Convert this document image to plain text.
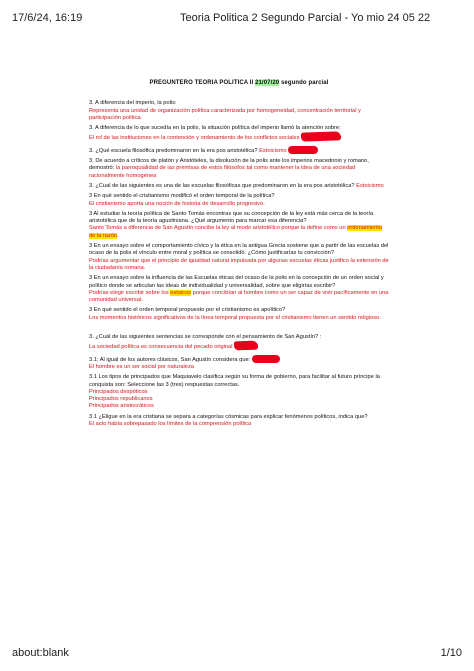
17/6/24, 16:19	Teoria Politica 2 Segundo Parcial - Yo mio 24 05 22
PREGUNTERO TEORIA POLITICA II 21/07/20 segundo parcial

3. A diferencia del imperio, la polis:

Representa una unidad de organización política caracterizada por homogeneidad, concentración territorial y participación política.

3. A diferencia de lo que sucedía en la polis, la situación política del imperio llamó la atención sobre:

El rol de las instituciones en la contención y ordenamiento de los conflictos sociales

3. ¿Qué escuela filosófica predominaron en la era pos aristotélica? Estoicismo

3. De acuerdo a críticos de platón y Aristóteles, la disolución de la polis ante los imperios macedonio y romano, demostró: la parroquialidad de las premisas de estos filósofos tal como mantener la idea de una sociedad racionalmente homogénea

3. ¿Cual de las siguientes es una de las escuelas filosóficas que predominaron en la era pos aristotélica? Estoicismo

3 En qué sentido el cristianismo modificó el orden temporal de la política?

El cristianismo aporta una noción de historia de desarrollo progresivo.

3 Al estudiar la teoría política de Santo Tomás encontras que su concepción de la ley está más cerca de la teoría aristotélica que de la teoría agustiniana. ¿Qué argumento para marcar esa diferencia?

Santo Tomás a diferencia de San Agustín concibe la ley al modo aristotélico porque la define como un ordenamiento de la razón.

3 En un ensayo sobre el comportamiento cívico y la ética en la antigua Grecia sostiene que a partir de las escuelas del ocaso de la polis el vínculo entre moral y política se consolidó. ¿Cómo justificarías tu convicción?

Podrías argumentar que el principio de igualdad natural impulsada por algunas escuelas éticas justifico la extensión de la ciudadanía romana.

3 En un ensayo sobre la influencia de las Escuelas éticas del ocaso de la polis en la concepción de un orden social y político donde se articulan las ideas de individualidad y universalidad, sobre que eligirías escribir?

Podrías elegir escribir sobre los estoicos porque concibían al hombre como un ser capaz de vivir pacíficamente en una comunidad universal.

3 En qué sentido el orden temporal propuesto por el cristianismo es apolítico?

Los momentos históricos significativos de la línea temporal propuesta por el cristianismo tienen un sentido religioso.

3. ¿Cuál de las siguientes sentencias se corresponde con el pensamiento de San Agustín? :

La sociedad política es consecuencia del pecado original

3.1: Al igual de los autores clásicos, San Agustín considera que:

El hombre es un ser social por naturaleza

3.1 Los tipos de principados que Maquiavelo clasifica según su forma de gobierno, para facilitar al futuro príncipe la conquista son: Seleccione las 3 (tres) respuestas correctas.

Principados despóticos

Principados republicanos

Principados aristocráticos

3.1 ¿Eligue en la era cristiana se separa a categorías cósmicas para explicar fenómenos políticos, indica que?

El acto había sobrepasado los límites de la comprensión política

about:blank	1/10
